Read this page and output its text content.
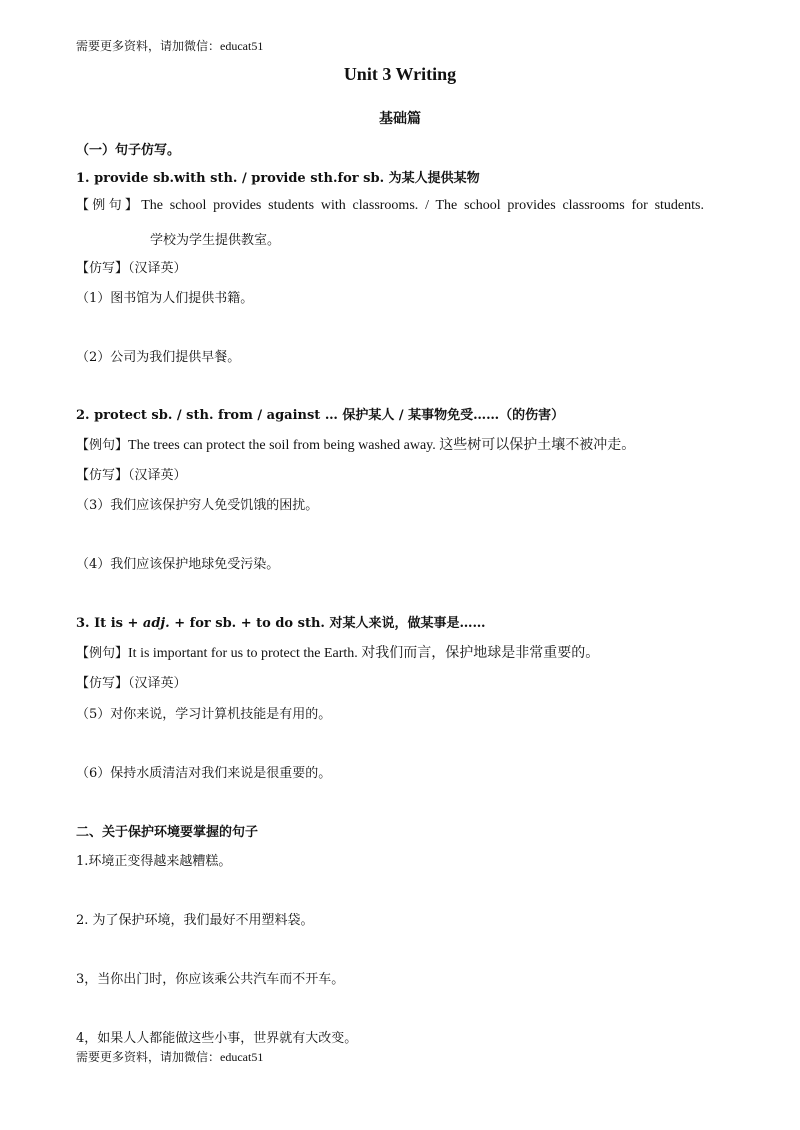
需要更多资料，请加微信：educat51
Unit 3 Writing
基础篇
（一）句子仿写。
1. provide sb.with sth. / provide sth.for sb. 为某人提供某物
【例句】The school provides students with classrooms. / The school provides classrooms for students.
学校为学生提供教室。
【仿写】（汉译英）
（1）图书馆为人们提供书籍。
（2）公司为我们提供早餐。
2. protect sb. / sth. from / against … 保护某人 / 某事物免受……（的伤害）
【例句】The trees can protect the soil from being washed away. 这些树可以保护土壤不被冲走。
【仿写】（汉译英）
（3）我们应该保护穷人免受饥饿的困扰。
（4）我们应该保护地球免受污染。
3. It is + adj. + for sb. + to do sth. 对某人来说，做某事是……
【例句】It is important for us to protect the Earth. 对我们而言，保护地球是非常重要的。
【仿写】（汉译英）
（5）对你来说，学习计算机技能是有用的。
（6）保持水质清洁对我们来说是很重要的。
二、关于保护环境要掌握的句子
1.环境正变得越来越糟糕。
2. 为了保护环境，我们最好不用塑料袋。
3，当你出门时，你应该乘公共汽车而不开车。
4，如果人人都能做这些小事，世界就有大改变。
需要更多资料，请加微信：educat51
